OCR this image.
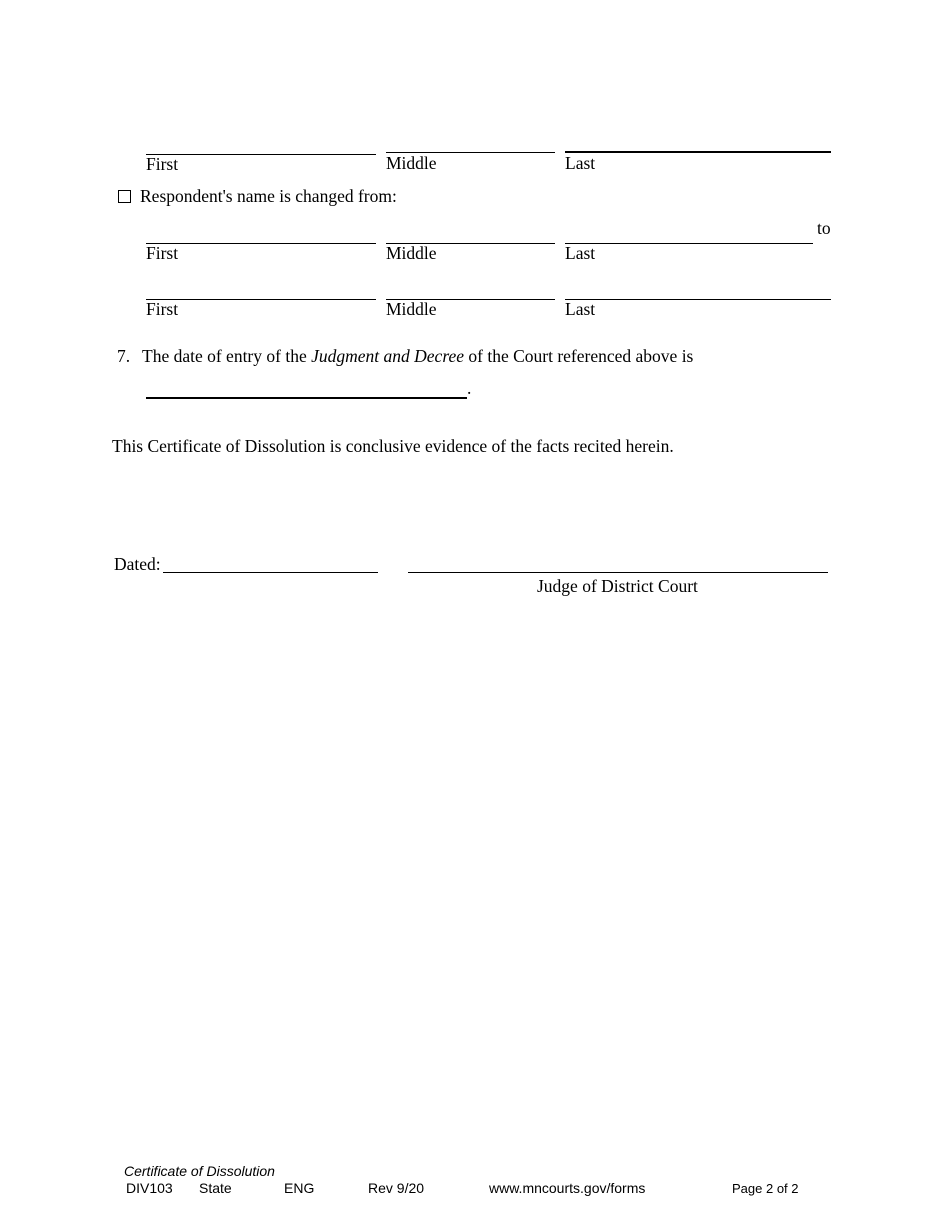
First	Middle	Last
Respondent's name is changed from:
to
First	Middle	Last
First	Middle	Last
7. The date of entry of the Judgment and Decree of the Court referenced above is
.
This Certificate of Dissolution is conclusive evidence of the facts recited herein.
Dated:
Judge of District Court
Certificate of Dissolution
DIV103 State	ENG	Rev 9/20	www.mncourts.gov/forms	Page 2 of 2
